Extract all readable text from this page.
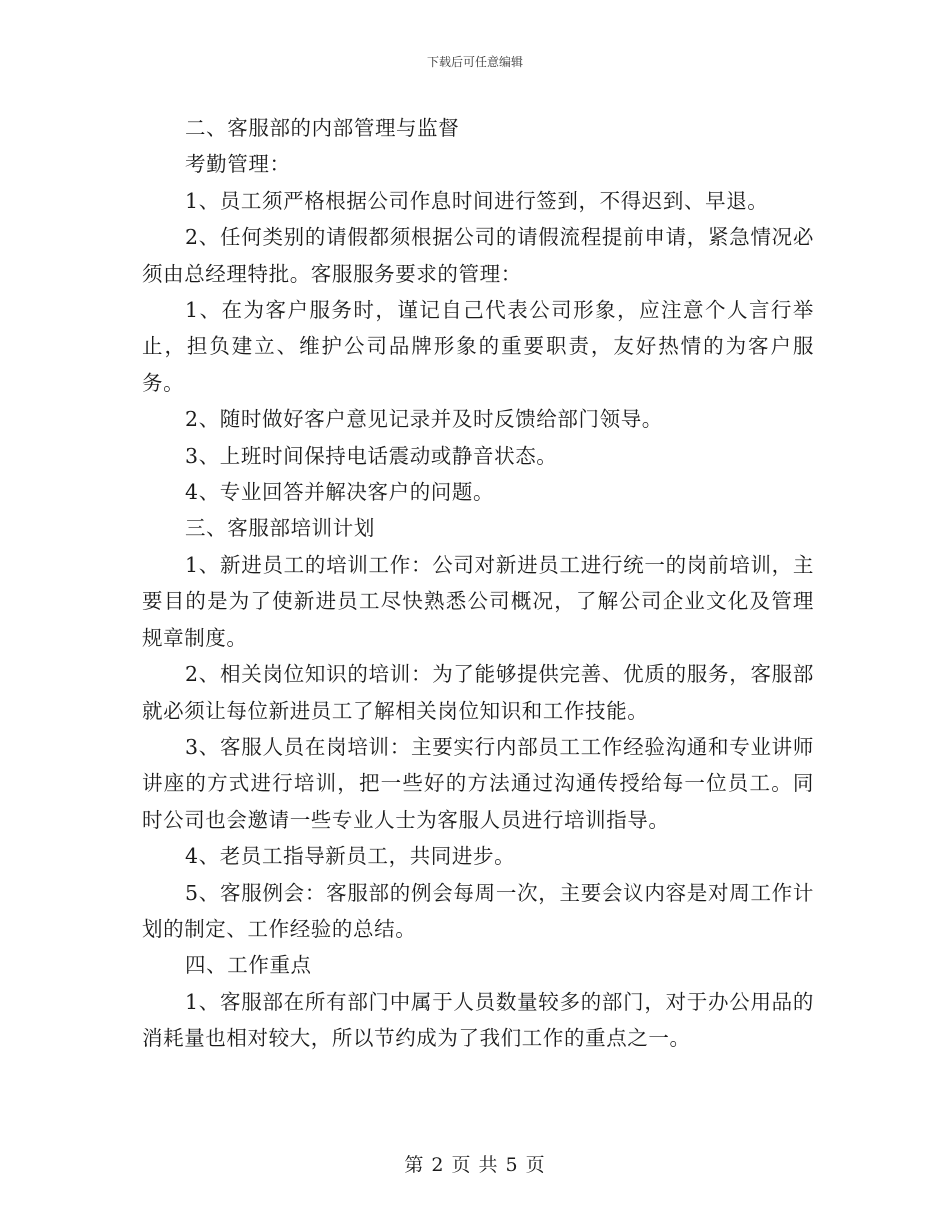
下载后可任意编辑

二、客服部的内部管理与监督

考勤管理：

1、员工须严格根据公司作息时间进行签到，不得迟到、早退。

2、任何类别的请假都须根据公司的请假流程提前申请，紧急情况必须由总经理特批。客服服务要求的管理：

1、在为客户服务时，谨记自己代表公司形象，应注意个人言行举止，担负建立、维护公司品牌形象的重要职责，友好热情的为客户服务。

2、随时做好客户意见记录并及时反馈给部门领导。

3、上班时间保持电话震动或静音状态。

4、专业回答并解决客户的问题。

三、客服部培训计划

1、新进员工的培训工作：公司对新进员工进行统一的岗前培训，主要目的是为了使新进员工尽快熟悉公司概况，了解公司企业文化及管理规章制度。

2、相关岗位知识的培训：为了能够提供完善、优质的服务，客服部就必须让每位新进员工了解相关岗位知识和工作技能。

3、客服人员在岗培训：主要实行内部员工工作经验沟通和专业讲师讲座的方式进行培训，把一些好的方法通过沟通传授给每一位员工。同时公司也会邀请一些专业人士为客服人员进行培训指导。

4、老员工指导新员工，共同进步。

5、客服例会：客服部的例会每周一次，主要会议内容是对周工作计划的制定、工作经验的总结。

四、工作重点

1、客服部在所有部门中属于人员数量较多的部门，对于办公用品的消耗量也相对较大，所以节约成为了我们工作的重点之一。

第 2 页 共 5 页
